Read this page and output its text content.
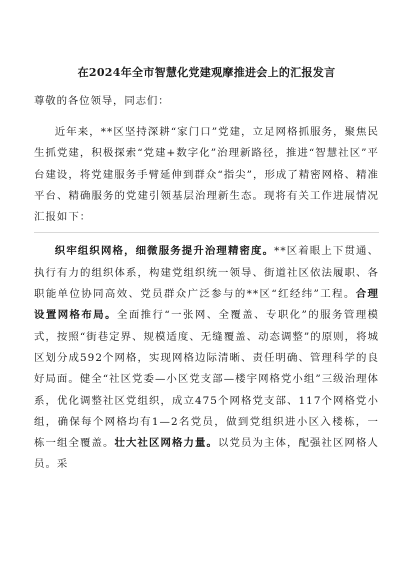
在2024年全市智慧化党建观摩推进会上的汇报发言
尊敬的各位领导，同志们：

近年来，**区坚持深耕“家门口”党建，立足网格抓服务，聚焦民生抓党建，积极探索“党建+数字化”治理新路径，推进“智慧社区”平台建设，将党建服务手臂延伸到群众“指尖”，形成了精密网格、精准平台、精确服务的党建引领基层治理新生态。现将有关工作进展情况汇报如下：

织牢组织网格，细微服务提升治理精密度。**区着眼上下贯通、执行有力的组织体系，构建党组织统一领导、街道社区依法履职、各职能单位协同高效、党员群众广泛参与的**区“红经纬”工程。合理设置网格布局。全面推行“一张网、全覆盖、专职化”的服务管理模式，按照“街巷定界、规模适度、无缝覆盖、动态调整”的原则，将城区划分成592个网格，实现网格边际清晰、责任明确、管理科学的良好局面。健全“社区党委—小区党支部—楼宇网格党小组”三级治理体系，优化调整社区党组织，成立475个网格党支部、117个网格党小组，确保每个网格均有1—2名党员，做到党组织进小区入楼栋，一栋一组全覆盖。壮大社区网格力量。以党员为主体，配强社区网格人员。采
